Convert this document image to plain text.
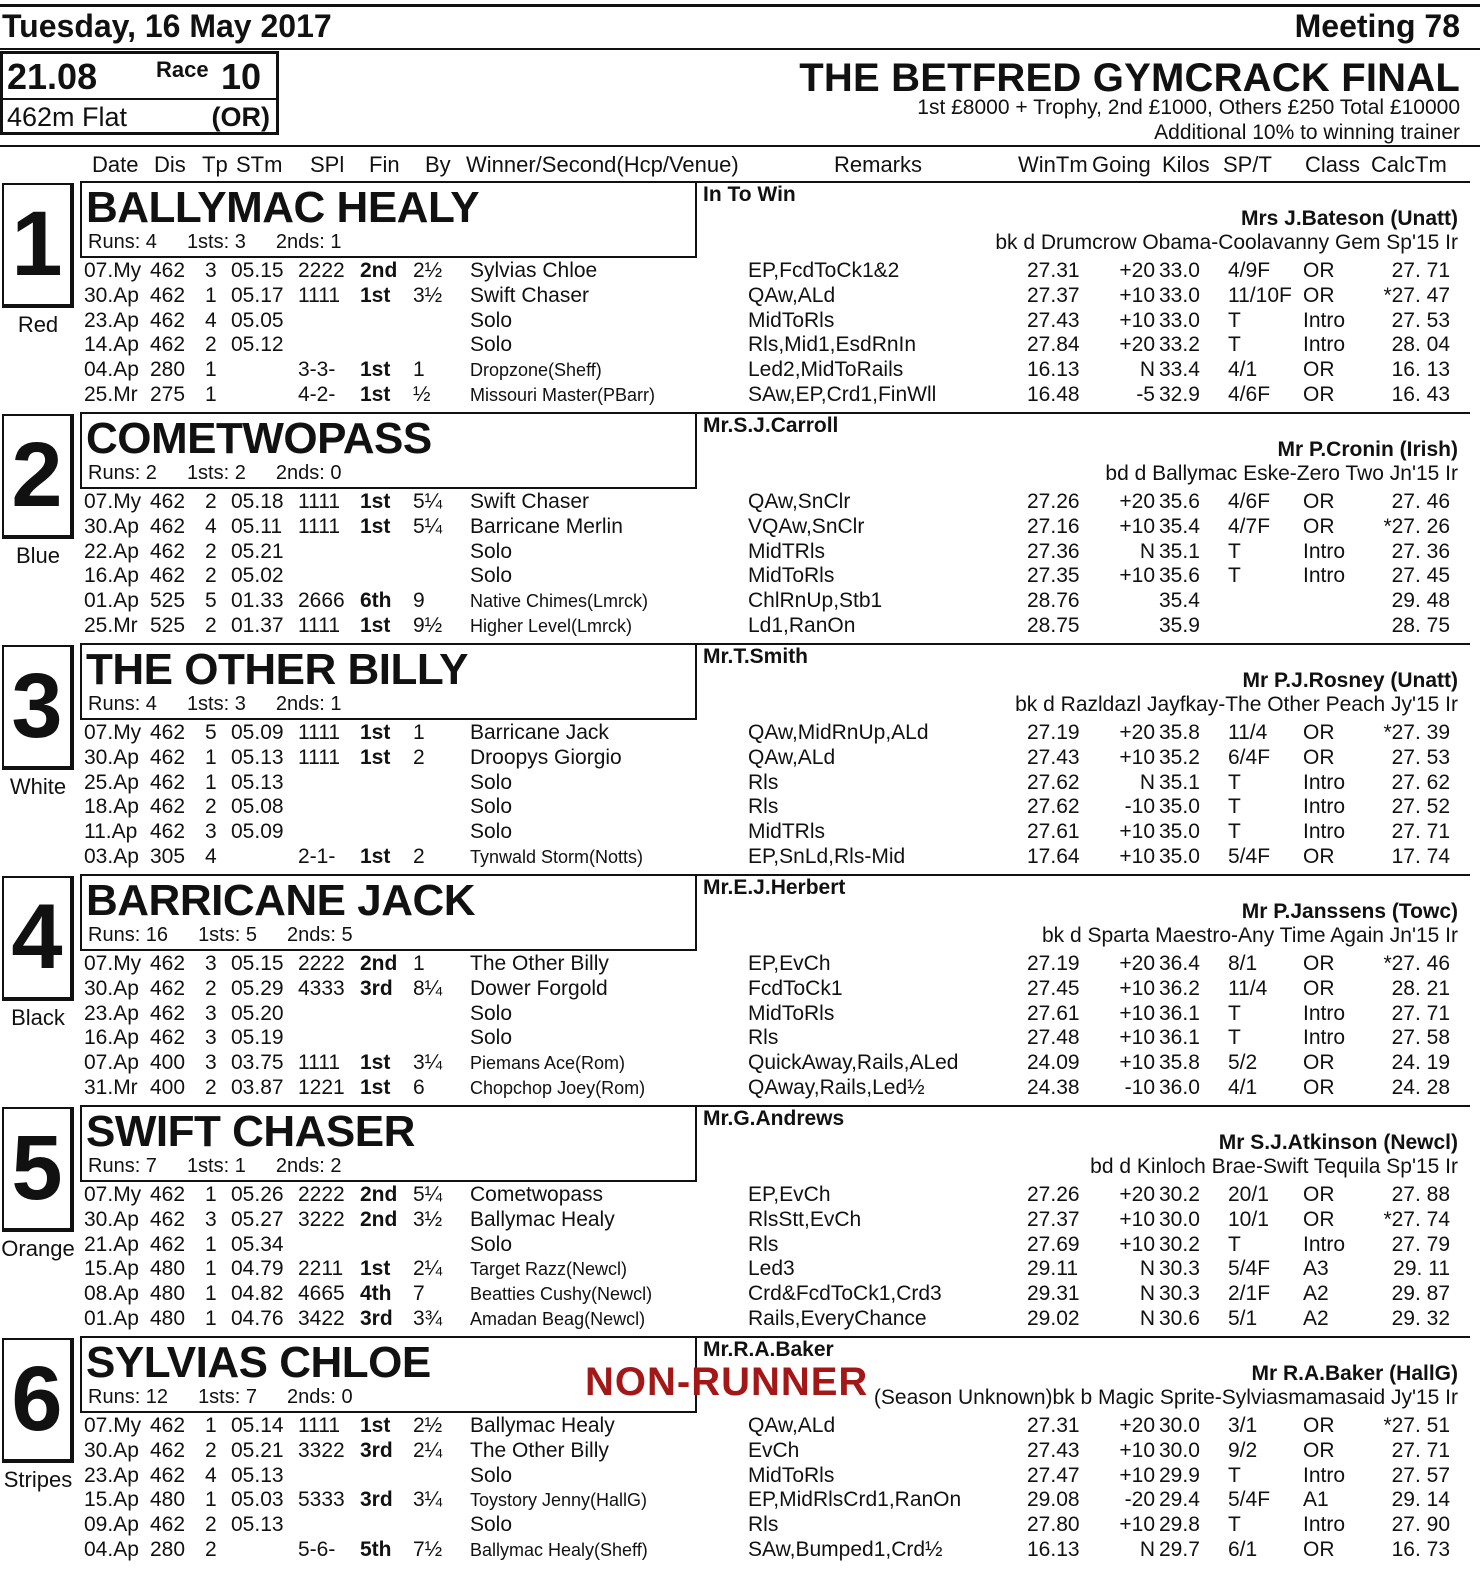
Tuesday, 16 May 2017	Meeting 78
21.08	Race 10
462m Flat	(OR)
THE BETFRED GYMCRACK FINAL
1st £8000 + Trophy, 2nd £1000, Others £250 Total £10000
Additional 10% to winning trainer
Date Dis Tp STm SPl Fin By Winner/Second(Hcp/Venue)	Remarks	WinTm Going Kilos SP/T Class CalcTm
1
Red
BALLYMAC HEALY
Runs: 4 1sts: 3 2nds: 1
In To Win
Mrs J.Bateson (Unatt)
bk d Drumcrow Obama-Coolavanny Gem Sp'15 Ir
07.My 462 3 05.15 2222 2nd 2½ Sylvias Chloe	EP,FcdToCk1&2	27.31	+20 33.0 4/9F OR	27. 71
30.Ap 462 1 05.17 1111 1st 3½ Swift Chaser	QAw,ALd	27.37	+10 33.0 11/10F OR	*27. 47
23.Ap 462 4 05.05	Solo	MidToRls	27.43	+10 33.0 T	Intro	27. 53
14.Ap 462 2 05.12	Solo	Rls,Mid1,EsdRnIn	27.84	+20 33.2 T	Intro	28. 04
04.Ap 280 1	3-3- 1st 1	Dropzone(Sheff)	Led2,MidToRails	16.13	N 33.4 4/1 OR	16. 13
25.Mr 275 1	4-2- 1st ½ Missouri Master(PBarr)	SAw,EP,Crd1,FinWll	16.48	-5 32.9 4/6F OR	16. 43
2
Blue
COMETWOPASS
Runs: 2 1sts: 2 2nds: 0
Mr.S.J.Carroll
Mr P.Cronin (Irish)
bd d Ballymac Eske-Zero Two Jn'15 Ir
07.My 462 2 05.18 1111 1st 5¼ Swift Chaser	QAw,SnClr	27.26	+20 35.6 4/6F OR	27. 46
30.Ap 462 4 05.11 1111 1st 5¼ Barricane Merlin	VQAw,SnClr	27.16	+10 35.4 4/7F OR	*27. 26
22.Ap 462 2 05.21	Solo	MidTRls	27.36	N 35.1 T	Intro	27. 36
16.Ap 462 2 05.02	Solo	MidToRls	27.35	+10 35.6 T	Intro	27. 45
01.Ap 525 5 01.33 2666 6th 9	Native Chimes(Lmrck)	ChlRnUp,Stb1	28.76	35.4	29. 48
25.Mr 525 2 01.37 1111 1st 9½ Higher Level(Lmrck)	Ld1,RanOn	28.75	35.9	28. 75
3
White
THE OTHER BILLY
Runs: 4 1sts: 3 2nds: 1
Mr.T.Smith
Mr P.J.Rosney (Unatt)
bk d Razldazl Jayfkay-The Other Peach Jy'15 Ir
07.My 462 5 05.09 1111 1st 1 Barricane Jack	QAw,MidRnUp,ALd	27.19	+20 35.8 11/4 OR	*27. 39
30.Ap 462 1 05.13 1111 1st 2 Droopys Giorgio	QAw,ALd	27.43	+10 35.2 6/4F OR	27. 53
25.Ap 462 1 05.13	Solo	Rls	27.62	N 35.1 T	Intro	27. 62
18.Ap 462 2 05.08	Solo	Rls	27.62	-10 35.0 T	Intro	27. 52
11.Ap 462 3 05.09	Solo	MidTRls	27.61	+10 35.0 T	Intro	27. 71
03.Ap 305 4	2-1- 1st 2	Tynwald Storm(Notts)	EP,SnLd,Rls-Mid	17.64	+10 35.0 5/4F OR	17. 74
4
Black
BARRICANE JACK
Runs: 16 1sts: 5 2nds: 5
Mr.E.J.Herbert
Mr P.Janssens (Towc)
bk d Sparta Maestro-Any Time Again Jn'15 Ir
07.My 462 3 05.15 2222 2nd 1 The Other Billy	EP,EvCh	27.19	+20 36.4 8/1 OR	*27. 46
30.Ap 462 2 05.29 4333 3rd 8¼ Dower Forgold	FcdToCk1	27.45	+10 36.2 11/4 OR	28. 21
23.Ap 462 3 05.20	Solo	MidToRls	27.61	+10 36.1 T	Intro	27. 71
16.Ap 462 3 05.19	Solo	Rls	27.48	+10 36.1 T	Intro	27. 58
07.Ap 400 3 03.75 1111 1st 3¼ Piemans Ace(Rom)	QuickAway,Rails,ALed	24.09	+10 35.8 5/2 OR	24. 19
31.Mr 400 2 03.87 1221 1st 6	Chopchop Joey(Rom)	QAway,Rails,Led½	24.38	-10 36.0 4/1 OR	24. 28
5
Orange
SWIFT CHASER
Runs: 7 1sts: 1 2nds: 2
Mr.G.Andrews
Mr S.J.Atkinson (Newcl)
bd d Kinloch Brae-Swift Tequila Sp'15 Ir
07.My 462 1 05.26 2222 2nd 5¼ Cometwopass	EP,EvCh	27.26	+20 30.2 20/1 OR	27. 88
30.Ap 462 3 05.27 3222 2nd 3½ Ballymac Healy	RlsStt,EvCh	27.37	+10 30.0 10/1 OR	*27. 74
21.Ap 462 1 05.34	Solo	Rls	27.69	+10 30.2 T	Intro	27. 79
15.Ap 480 1 04.79 2211 1st 2¼ Target Razz(Newcl)	Led3	29.11	N 30.3 5/4F A3	29. 11
08.Ap 480 1 04.82 4665 4th 7	Beatties Cushy(Newcl)	Crd&FcdToCk1,Crd3	29.31	N 30.3 2/1F A2	29. 87
01.Ap 480 1 04.76 3422 3rd 3¾ Amadan Beag(Newcl)	Rails,EveryChance	29.02	N 30.6 5/1 A2	29. 32
6
Stripes
SYLVIAS CHLOE
Runs: 12 1sts: 7 2nds: 0
Mr.R.A.Baker
Mr R.A.Baker (HallG)
(Season Unknown)bk b Magic Sprite-Sylviasmamasaid Jy'15 Ir
NON-RUNNER
07.My 462 1 05.14 1111 1st 2½ Ballymac Healy	QAw,ALd	27.31	+20 30.0 3/1 OR	*27. 51
30.Ap 462 2 05.21 3322 3rd 2¼ The Other Billy	EvCh	27.43	+10 30.0 9/2 OR	27. 71
23.Ap 462 4 05.13	Solo	MidToRls	27.47	+10 29.9 T	Intro	27. 57
15.Ap 480 1 05.03 5333 3rd 3¼ Toystory Jenny(HallG)	EP,MidRlsCrd1,RanOn	29.08	-20 29.4 5/4F A1	29. 14
09.Ap 462 2 05.13	Solo	Rls	27.80	+10 29.8 T	Intro	27. 90
04.Ap 280 2	5-6- 5th 7½ Ballymac Healy(Sheff)	SAw,Bumped1,Crd½	16.13	N 29.7 6/1 OR	16. 73
